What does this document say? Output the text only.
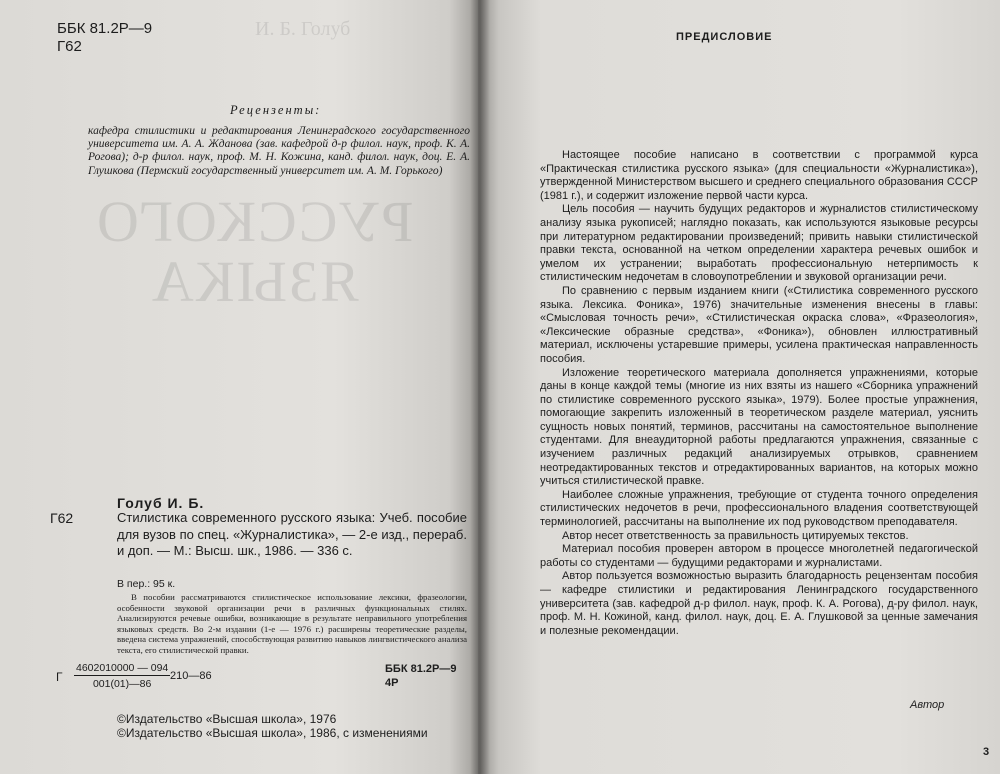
И. Б. Голуб
РУССКОГО
ЯЗЫКА
ББК 81.2Р—9
Г62
Рецензенты:

кафедра стилистики и редактирования Ленинградского государственного университета им. А. А. Жданова (зав. кафедрой д-р филол. наук, проф. К. А. Рогова); д-р филол. наук, проф. М. Н. Кожина, канд. филол. наук, доц. Е. А. Глушкова (Пермский государственный университет им. А. М. Горького)

Голуб И. Б.
Г62	Стилистика современного русского языка: Учеб. пособие для вузов по спец. «Журналистика», — 2-е изд., перераб. и доп. — М.: Высш. шк., 1986. — 336 с.

В пер.: 95 к.

В пособии рассматриваются стилистическое использование лексики, фразеологии, особенности звуковой организации речи в различных функциональных стилях. Анализируются речевые ошибки, возникающие в результате неправильного употребления языковых средств. Во 2-м издании (1-е — 1976 г.) расширены теоретические разделы, введена система упражнений, способствующая развитию навыков лингвистического анализа текста, его стилистической правки.

Г $\frac{4602010000 — 094}{001(01)—86}$ 210—86
ББК 81.2Р—9
4Р
©Издательство «Высшая школа», 1976
©Издательство «Высшая школа», 1986, с изменениями
ПРЕДИСЛОВИЕ

Настоящее пособие написано в соответствии с программой курса «Практическая стилистика русского языка» (для специальности «Журналистика»), утвержденной Министерством высшего и среднего специального образования СССР (1981 г.), и содержит изложение первой части курса.

Цель пособия — научить будущих редакторов и журналистов стилистическому анализу языка рукописей; наглядно показать, как используются языковые ресурсы при литературном редактировании произведений; привить навыки стилистической правки текста, основанной на четком определении характера речевых ошибок и умелом их устранении; выработать профессиональную нетерпимость к стилистическим недочетам в словоупотреблении и звуковой организации речи.

По сравнению с первым изданием книги («Стилистика современного русского языка. Лексика. Фоника», 1976) значительные изменения внесены в главы: «Смысловая точность речи», «Стилистическая окраска слова», «Фразеология», «Лексические образные средства», «Фоника»), обновлен иллюстративный материал, исключены устаревшие примеры, усилена практическая направленность пособия.

Изложение теоретического материала дополняется упражнениями, которые даны в конце каждой темы (многие из них взяты из нашего «Сборника упражнений по стилистике современного русского языка», 1979). Более простые упражнения, помогающие закрепить изложенный в теоретическом разделе материал, уяснить сущность новых понятий, терминов, рассчитаны на самостоятельное выполнение студентами. Для внеаудиторной работы предлагаются упражнения, связанные с изучением различных редакций анализируемых отрывков, сравнением неотредактированных текстов и отредактированных вариантов, на которых можно учиться стилистической правке.

Наиболее сложные упражнения, требующие от студента точного определения стилистических недочетов в речи, профессионального владения соответствующей терминологией, рассчитаны на выполнение их под руководством преподавателя.

Автор несет ответственность за правильность цитируемых текстов.

Материал пособия проверен автором в процессе многолетней педагогической работы со студентами — будущими редакторами и журналистами.

Автор пользуется возможностью выразить благодарность рецензентам пособия — кафедре стилистики и редактирования Ленинградского государственного университета (зав. кафедрой д-р филол. наук, проф. К. А. Рогова), д-ру филол. наук, проф. М. Н. Кожиной, канд. филол. наук, доц. Е. А. Глушковой за ценные замечания и полезные рекомендации.

Автор
3
